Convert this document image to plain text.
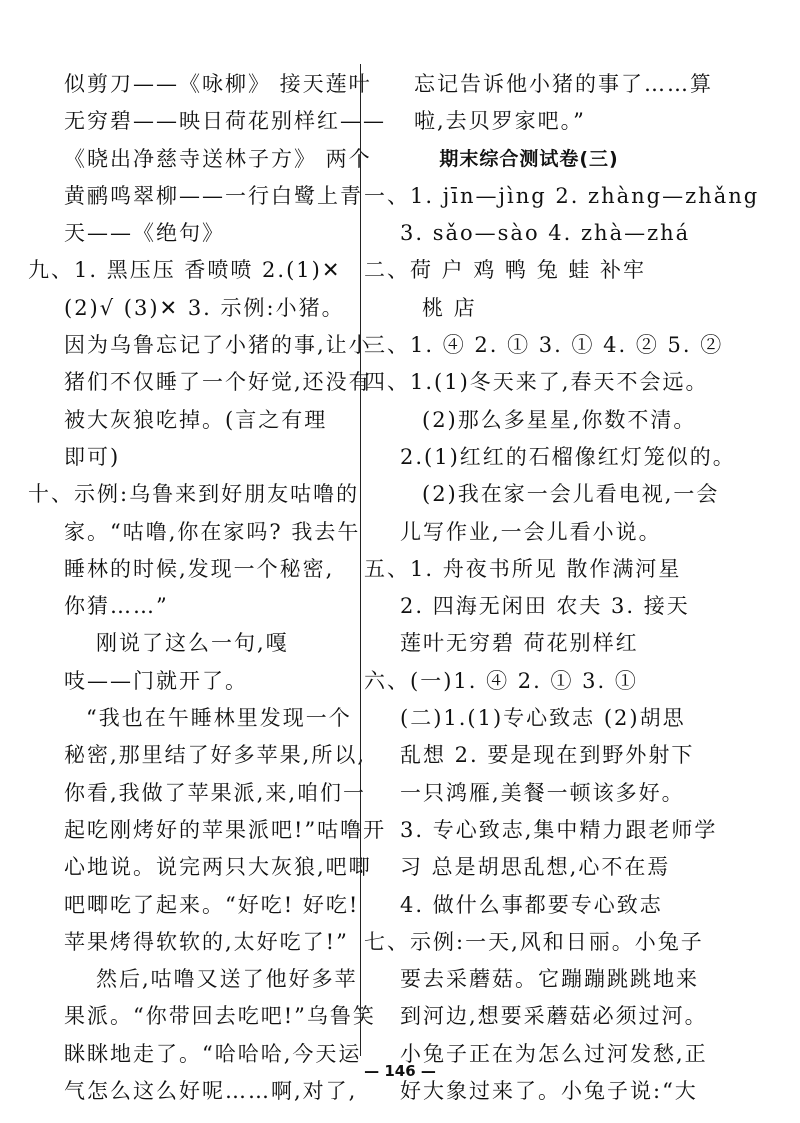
似剪刀——《咏柳》 接天莲叶
无穷碧——映日荷花别样红——
《晓出净慈寺送林子方》 两个
黄鹂鸣翠柳——一行白鹭上青
天——《绝句》
九、1. 黑压压 香喷喷 2.(1)✕
(2)√ (3)✕ 3. 示例:小猪。
因为乌鲁忘记了小猪的事,让小
猪们不仅睡了一个好觉,还没有
被大灰狼吃掉。(言之有理
即可)
十、示例:乌鲁来到好朋友咕噜的
家。“咕噜,你在家吗? 我去午
睡林的时候,发现一个秘密,
你猜……”
刚说了这么一句,嘎
吱——门就开了。
“我也在午睡林里发现一个
秘密,那里结了好多苹果,所以,
你看,我做了苹果派,来,咱们一
起吃刚烤好的苹果派吧!”咕噜开
心地说。说完两只大灰狼,吧唧
吧唧吃了起来。“好吃! 好吃!
苹果烤得软软的,太好吃了!”
然后,咕噜又送了他好多苹
果派。“你带回去吃吧!”乌鲁笑
眯眯地走了。“哈哈哈,今天运
气怎么这么好呢……啊,对了,
忘记告诉他小猪的事了……算
啦,去贝罗家吧。”
期末综合测试卷(三)
一、1. jīn—jìng 2. zhàng—zhǎng
3. sǎo—sào 4. zhà—zhá
二、荷 户 鸡 鸭 兔 蛙 补牢
桃 店
三、1. ④ 2. ① 3. ① 4. ② 5. ②
四、1.(1)冬天来了,春天不会远。
(2)那么多星星,你数不清。
2.(1)红红的石榴像红灯笼似的。
(2)我在家一会儿看电视,一会
儿写作业,一会儿看小说。
五、1. 舟夜书所见 散作满河星
2. 四海无闲田 农夫 3. 接天
莲叶无穷碧 荷花别样红
六、(一)1. ④ 2. ① 3. ①
(二)1.(1)专心致志 (2)胡思
乱想 2. 要是现在到野外射下
一只鸿雁,美餐一顿该多好。
3. 专心致志,集中精力跟老师学
习 总是胡思乱想,心不在焉
4. 做什么事都要专心致志
七、示例:一天,风和日丽。小兔子
要去采蘑菇。它蹦蹦跳跳地来
到河边,想要采蘑菇必须过河。
小兔子正在为怎么过河发愁,正
好大象过来了。小兔子说:“大
— 146 —
